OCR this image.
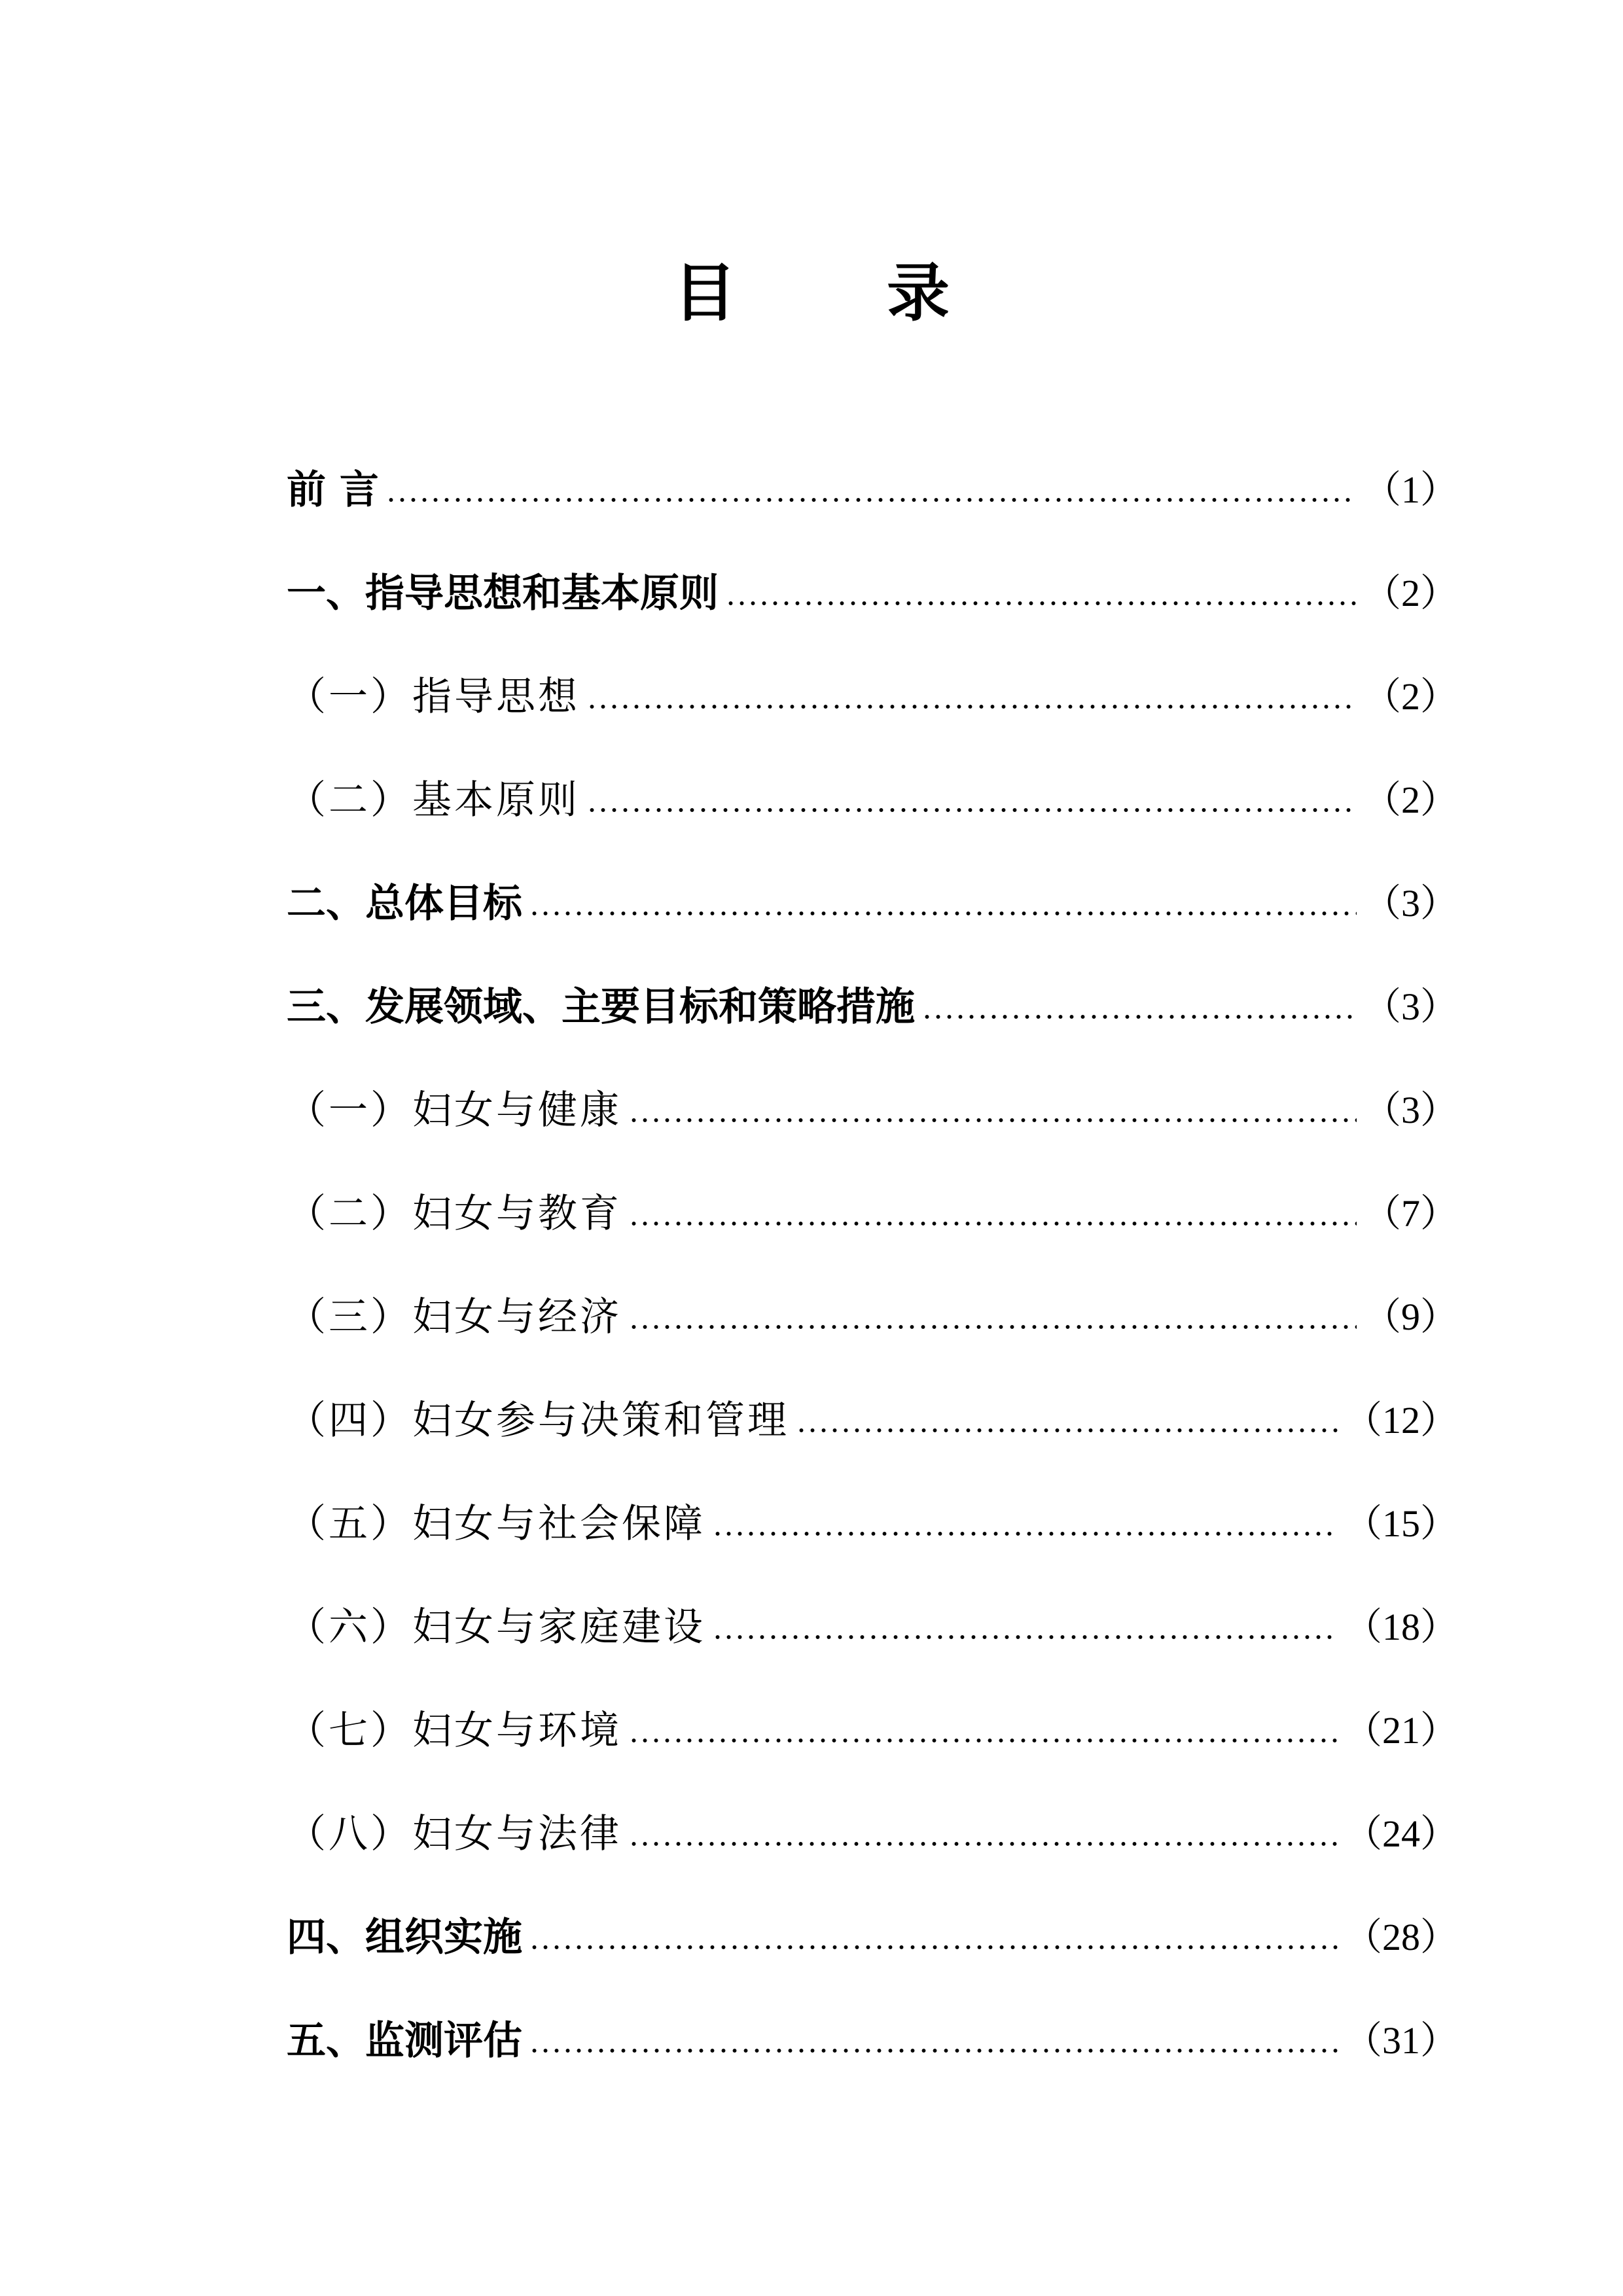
目 录
前 言	（1）
一、指导思想和基本原则	（2）
（一）指导思想	（2）
（二）基本原则	（2）
二、总体目标	（3）
三、发展领域、主要目标和策略措施	（3）
（一）妇女与健康	（3）
（二）妇女与教育	（7）
（三）妇女与经济	（9）
（四）妇女参与决策和管理	（12）
（五）妇女与社会保障	（15）
（六）妇女与家庭建设	（18）
（七）妇女与环境	（21）
（八）妇女与法律	（24）
四、组织实施	（28）
五、监测评估	（31）
